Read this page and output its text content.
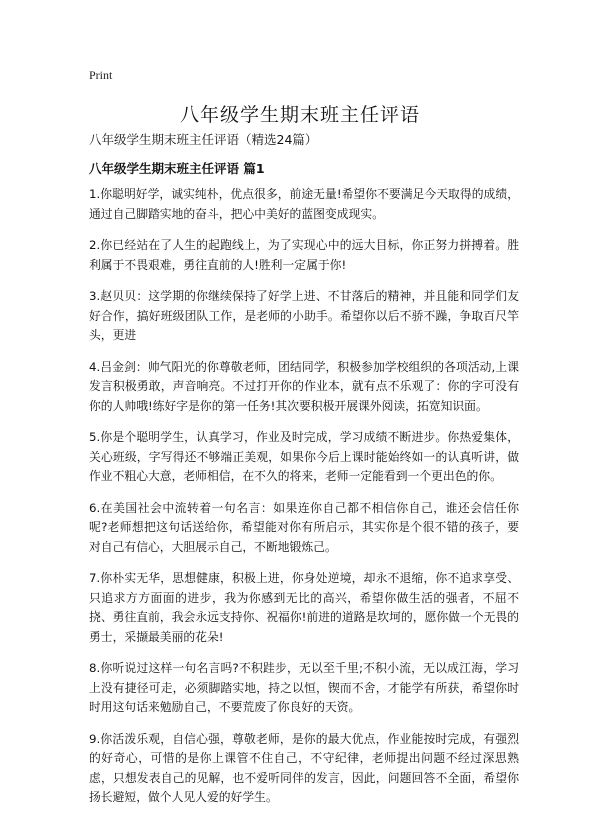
Print
八年级学生期末班主任评语

八年级学生期末班主任评语（精选24篇）

八年级学生期末班主任评语 篇1

1.你聪明好学，诚实纯朴，优点很多，前途无量!希望你不要满足今天取得的成绩，通过自己脚踏实地的奋斗，把心中美好的蓝图变成现实。

2.你已经站在了人生的起跑线上，为了实现心中的远大目标，你正努力拼搏着。胜利属于不畏艰难，勇往直前的人!胜利一定属于你!

3.赵贝贝：这学期的你继续保持了好学上进、不甘落后的精神，并且能和同学们友好合作，搞好班级团队工作，是老师的小助手。希望你以后不骄不躁，争取百尺竿头，更进

4.吕金剑：帅气阳光的你尊敬老师，团结同学，积极参加学校组织的各项活动,上课发言积极勇敢，声音响亮。不过打开你的作业本，就有点不乐观了：你的字可没有你的人帅哦!练好字是你的第一任务!其次要积极开展课外阅读，拓宽知识面。

5.你是个聪明学生，认真学习，作业及时完成，学习成绩不断进步。你热爱集体，关心班级，字写得还不够端正美观，如果你今后上课时能始终如一的认真听讲，做作业不粗心大意，老师相信，在不久的将来，老师一定能看到一个更出色的你。

6.在美国社会中流转着一句名言：如果连你自己都不相信你自己，谁还会信任你呢?老师想把这句话送给你，希望能对你有所启示，其实你是个很不错的孩子，要对自己有信心，大胆展示自己，不断地锻炼己。

7.你朴实无华，思想健康，积极上进，你身处逆境，却永不退缩，你不追求享受、只追求方方面面的进步，我为你感到无比的高兴，希望你做生活的强者，不屈不挠、勇往直前，我会永远支持你、祝福你!前进的道路是坎坷的，愿你做一个无畏的勇士，采撷最美丽的花朵!

8.你听说过这样一句名言吗?不积跬步，无以至千里;不积小流，无以成江海，学习上没有捷径可走，必须脚踏实地，持之以恒，锲而不舍，才能学有所获，希望你时时用这句话来勉励自己，不要荒废了你良好的天资。

9.你活泼乐观，自信心强，尊敬老师，是你的最大优点，作业能按时完成，有强烈的好奇心，可惜的是你上课管不住自己，不守纪律，老师提出问题不经过深思熟虑，只想发表自己的见解，也不爱听同伴的发言，因此，问题回答不全面，希望你扬长避短，做个人见人爱的好学生。
